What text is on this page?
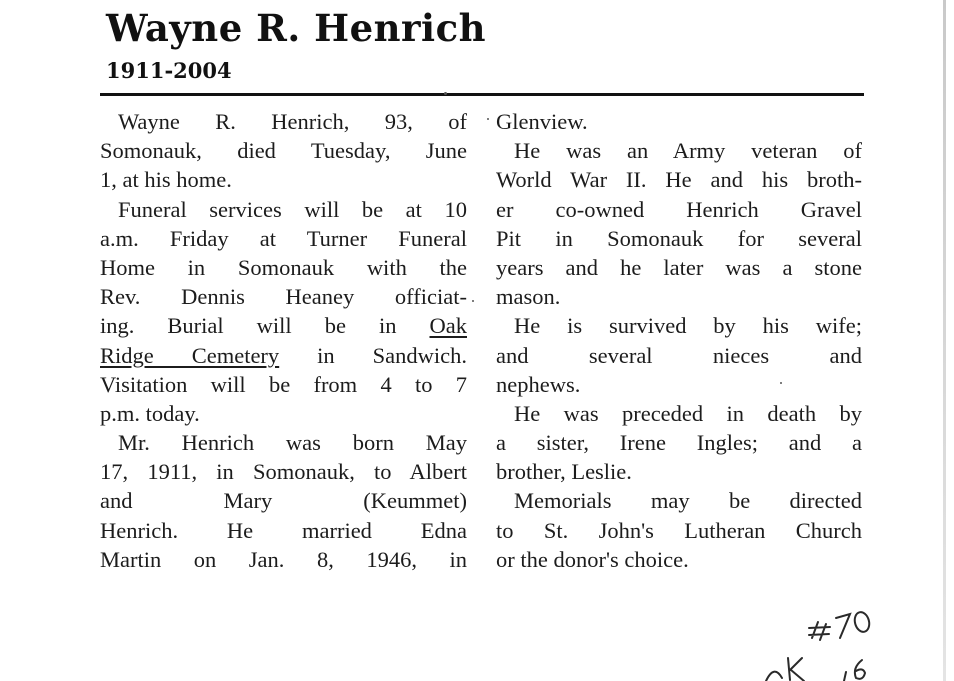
Wayne R. Henrich
1911-2004
Wayne R. Henrich, 93, of
Somonauk, died Tuesday, June
1, at his home.
Funeral services will be at 10
a.m. Friday at Turner Funeral
Home in Somonauk with the
Rev. Dennis Heaney officiat-
ing. Burial will be in Oak
Ridge Cemetery in Sandwich.
Visitation will be from 4 to 7
p.m. today.
Mr. Henrich was born May
17, 1911, in Somonauk, to Albert
and Mary (Keummet)
Henrich. He married Edna
Martin on Jan. 8, 1946, in
Glenview.
He was an Army veteran of
World War II. He and his broth-
er co-owned Henrich Gravel
Pit in Somonauk for several
years and he later was a stone
mason.
He is survived by his wife;
and several nieces and
nephews.
He was preceded in death by
a sister, Irene Ingles; and a
brother, Leslie.
Memorials may be directed
to St. John's Lutheran Church
or the donor's choice.
